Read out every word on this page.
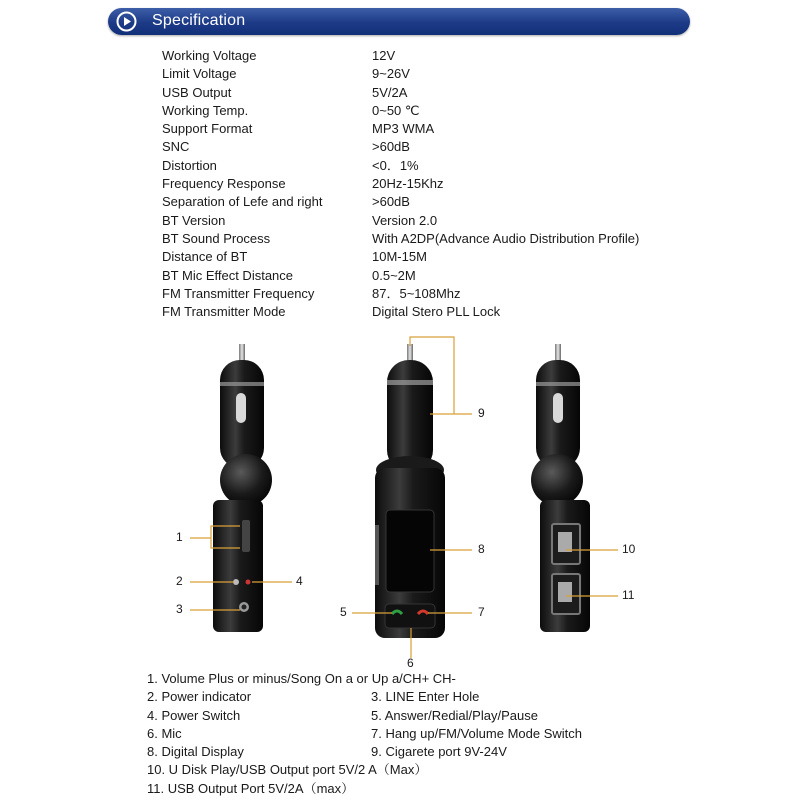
Specification
Working Voltage	12V
Limit Voltage	9~26V
USB Output	5V/2A
Working Temp.	0~50 ℃
Support Format	MP3 WMA
SNC	>60dB
Distortion	<0．1%
Frequency Response	20Hz-15Khz
Separation of Lefe and right	>60dB
BT Version	Version 2.0
BT Sound Process	With A2DP(Advance Audio Distribution Profile)
Distance of BT	10M-15M
BT Mic Effect Distance	0.5~2M
FM Transmitter Frequency	87．5~108Mhz
FM Transmitter Mode	Digital Stero PLL Lock
1
2
3
4
5
6
7
8
9
10
11
1. Volume Plus or minus/Song On a or Up a/CH+ CH-
2. Power indicator	3. LINE Enter Hole
4. Power Switch	5. Answer/Redial/Play/Pause
6. Mic	7. Hang up/FM/Volume Mode Switch
8. Digital Display	9. Cigarete port 9V-24V
10. U Disk Play/USB Output port 5V/2 A（Max）
11. USB Output Port 5V/2A（max）
